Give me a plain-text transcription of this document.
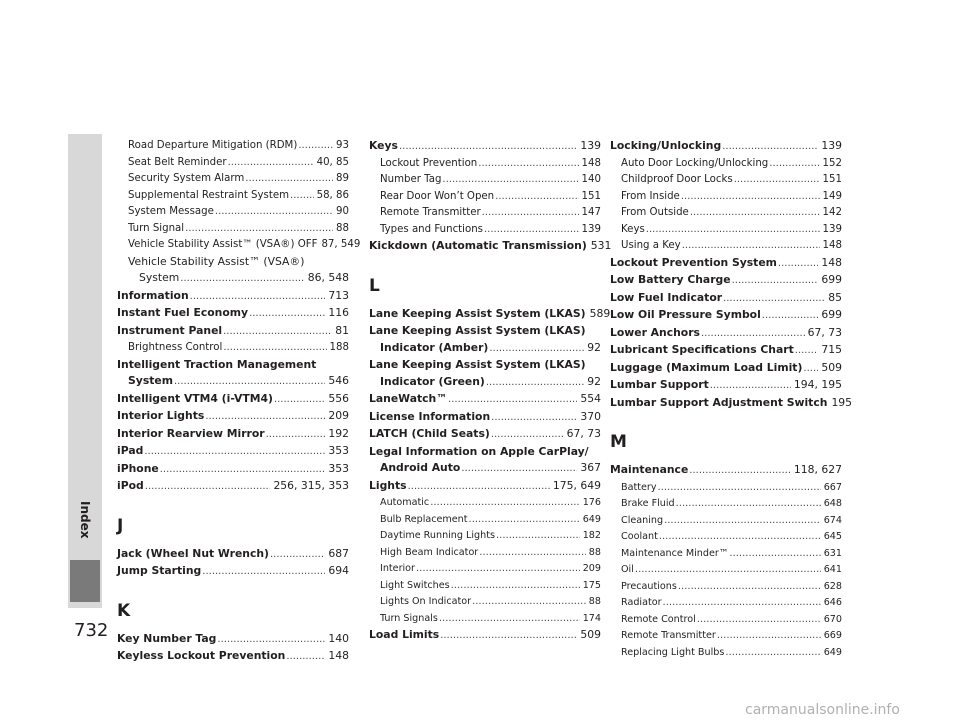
Index
732
Road Departure Mitigation (RDM) .....	93
Seat Belt Reminder .....	40, 85
Security System Alarm .....	89
Supplemental Restraint System .....	58, 86
System Message .....	90
Turn Signal .....	88
Vehicle Stability Assist™ (VSA®) OFF 87, 549
Vehicle Stability Assist™ (VSA®)
System .....	86, 548
Information .....	713
Instant Fuel Economy .....	116
Instrument Panel .....	81
Brightness Control .....	188
Intelligent Traction Management
System .....	546
Intelligent VTM4 (i-VTM4) .....	556
Interior Lights .....	209
Interior Rearview Mirror .....	192
iPad .....	353
iPhone .....	353
iPod .....	256, 315, 353
J
Jack (Wheel Nut Wrench) .....	687
Jump Starting .....	694
K
Key Number Tag .....	140
Keyless Lockout Prevention .....	148
Keys .....	139
Lockout Prevention .....	148
Number Tag .....	140
Rear Door Won’t Open .....	151
Remote Transmitter .....	147
Types and Functions .....	139
Kickdown (Automatic Transmission) 531
L
Lane Keeping Assist System (LKAS) 589
Lane Keeping Assist System (LKAS)
Indicator (Amber) .....	92
Lane Keeping Assist System (LKAS)
Indicator (Green) .....	92
LaneWatch™ .....	554
License Information .....	370
LATCH (Child Seats) .....	67, 73
Legal Information on Apple CarPlay/
Android Auto .....	367
Lights .....	175, 649
Automatic .....	176
Bulb Replacement .....	649
Daytime Running Lights .....	182
High Beam Indicator .....	88
Interior .....	209
Light Switches .....	175
Lights On Indicator .....	88
Turn Signals .....	174
Load Limits .....	509
Locking/Unlocking .....	139
Auto Door Locking/Unlocking .....	152
Childproof Door Locks .....	151
From Inside .....	149
From Outside .....	142
Keys .....	139
Using a Key .....	148
Lockout Prevention System .....	148
Low Battery Charge .....	699
Low Fuel Indicator .....	85
Low Oil Pressure Symbol .....	699
Lower Anchors .....	67, 73
Lubricant Specifications Chart .....	715
Luggage (Maximum Load Limit) ..... 509
Lumbar Support .....	194, 195
Lumbar Support Adjustment Switch 195
M
Maintenance .....	118, 627
Battery .....	667
Brake Fluid .....	648
Cleaning .....	674
Coolant .....	645
Maintenance Minder™ .....	631
Oil .....	641
Precautions .....	628
Radiator .....	646
Remote Control .....	670
Remote Transmitter .....	669
Replacing Light Bulbs .....	649
carmanualsonline.info
